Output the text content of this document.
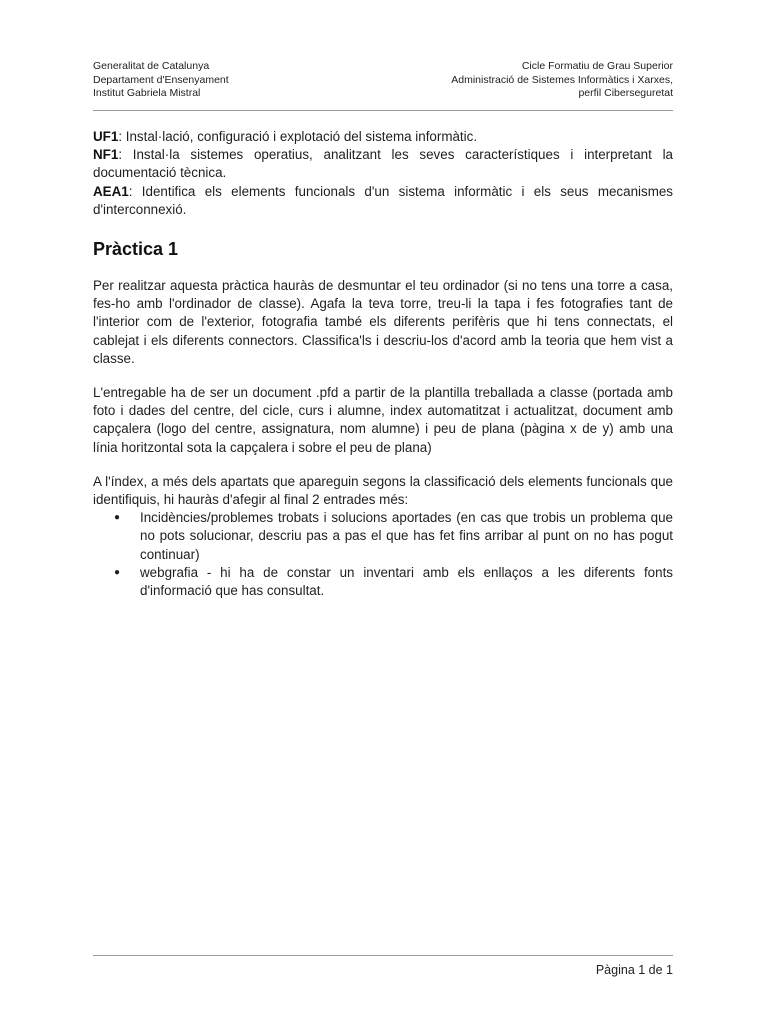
Generalitat de Catalunya
Departament d'Ensenyament
Institut Gabriela Mistral
Cicle Formatiu de Grau Superior
Administració de Sistemes Informàtics i Xarxes,
perfil Ciberseguretat

UF1: Instal·lació, configuració i explotació del sistema informàtic.

NF1: Instal·la sistemes operatius, analitzant les seves característiques i interpretant la documentació tècnica.

AEA1: Identifica els elements funcionals d'un sistema informàtic i els seus mecanismes d'interconnexió.

Pràctica 1

Per realitzar aquesta pràctica hauràs de desmuntar el teu ordinador (si no tens una torre a casa, fes-ho amb l'ordinador de classe). Agafa la teva torre, treu-li la tapa i fes fotografies tant de l'interior com de l'exterior, fotografia també els diferents perifèris que hi tens connectats, el cablejat i els diferents connectors. Classifica'ls i descriu-los d'acord amb la teoria que hem vist a classe.

L'entregable ha de ser un document .pfd a partir de la plantilla treballada a classe (portada amb foto i dades del centre, del cicle, curs i alumne, index automatitzat i actualitzat, document amb capçalera (logo del centre, assignatura, nom alumne) i peu de plana (pàgina x de y) amb una línia horitzontal sota la capçalera i sobre el peu de plana)

A l'índex, a més dels apartats que apareguin segons la classificació dels elements funcionals que identifiquis, hi hauràs d'afegir al final 2 entrades més:

● Incidències/problemes trobats i solucions aportades (en cas que trobis un problema que no pots solucionar, descriu pas a pas el que has fet fins arribar al punt on no has pogut continuar)
● webgrafia - hi ha de constar un inventari amb els enllaços a les diferents fonts d'informació que has consultat.
Pàgina 1 de 1
